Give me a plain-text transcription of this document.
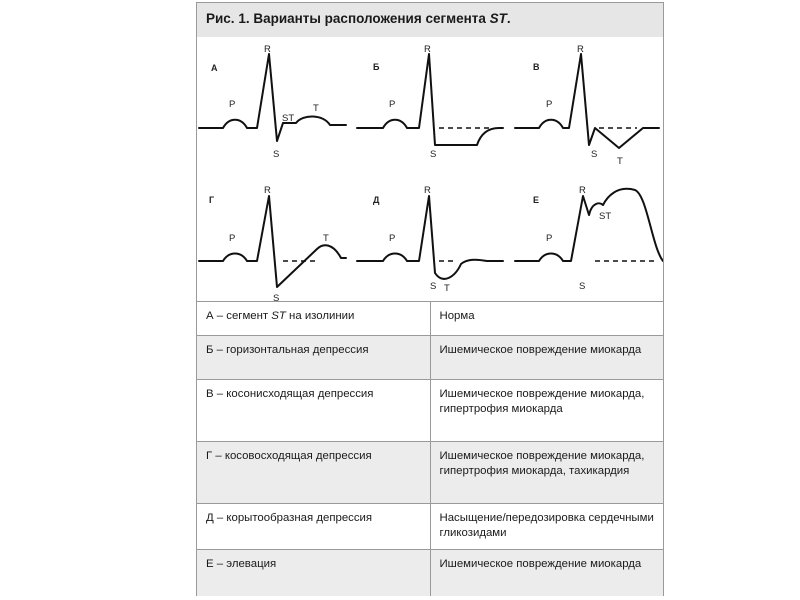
Рис. 1. Варианты расположения сегмента ST.
А	Б	В
Г	Д	Е
P
R
S
ST
T	P
R
S
P
R
S
T
P
R
S
T	P
R
S T
P
R
S
ST
А – сегмент ST на изолинии	Норма
Б – горизонтальная депрессия	Ишемическое повреждение миокарда
В – косонисходящая депрессия	Ишемическое повреждение миокарда, гипертрофия миокарда
Г – косовосходящая депрессия	Ишемическое повреждение миокарда, гипертрофия миокарда, тахикардия
Д – корытообразная депрессия	Насыщение/передозировка сердечными гликозидами
Е – элевация	Ишемическое повреждение миокарда
